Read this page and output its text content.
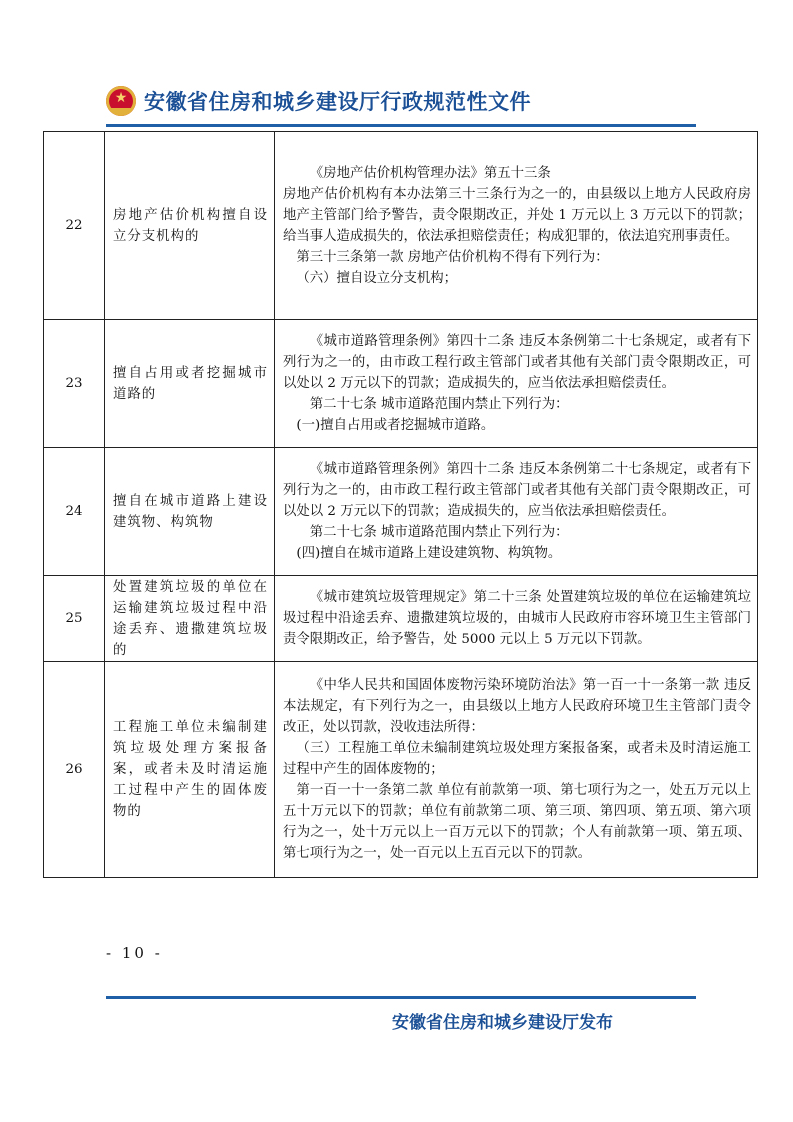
★
安徽省住房和城乡建设厅行政规范性文件
22	房地产估价机构擅自设立分支机构的	《房地产估价机构管理办法》第五十三条

房地产估价机构有本办法第三十三条行为之一的，由县级以上地方人民政府房地产主管部门给予警告，责令限期改正，并处 1 万元以上 3 万元以下的罚款；给当事人造成损失的，依法承担赔偿责任；构成犯罪的，依法追究刑事责任。

第三十三条第一款 房地产估价机构不得有下列行为：

（六）擅自设立分支机构；

23	擅自占用或者挖掘城市道路的	《城市道路管理条例》第四十二条 违反本条例第二十七条规定，或者有下列行为之一的，由市政工程行政主管部门或者其他有关部门责令限期改正，可以处以 2 万元以下的罚款；造成损失的，应当依法承担赔偿责任。

第二十七条 城市道路范围内禁止下列行为：

(一)擅自占用或者挖掘城市道路。

24	擅自在城市道路上建设建筑物、构筑物	《城市道路管理条例》第四十二条 违反本条例第二十七条规定，或者有下列行为之一的，由市政工程行政主管部门或者其他有关部门责令限期改正，可以处以 2 万元以下的罚款；造成损失的，应当依法承担赔偿责任。

第二十七条 城市道路范围内禁止下列行为：

(四)擅自在城市道路上建设建筑物、构筑物。

25	处置建筑垃圾的单位在运输建筑垃圾过程中沿途丢弃、遗撒建筑垃圾的	《城市建筑垃圾管理规定》第二十三条 处置建筑垃圾的单位在运输建筑垃圾过程中沿途丢弃、遗撒建筑垃圾的，由城市人民政府市容环境卫生主管部门责令限期改正，给予警告，处 5000 元以上 5 万元以下罚款。

26	工程施工单位未编制建筑垃圾处理方案报备案，或者未及时清运施工过程中产生的固体废物的	《中华人民共和国固体废物污染环境防治法》第一百一十一条第一款 违反本法规定，有下列行为之一，由县级以上地方人民政府环境卫生主管部门责令改正，处以罚款，没收违法所得：

（三）工程施工单位未编制建筑垃圾处理方案报备案，或者未及时清运施工过程中产生的固体废物的；

第一百一十一条第二款 单位有前款第一项、第七项行为之一，处五万元以上五十万元以下的罚款；单位有前款第二项、第三项、第四项、第五项、第六项行为之一，处十万元以上一百万元以下的罚款；个人有前款第一项、第五项、第七项行为之一，处一百元以上五百元以下的罚款。

- 10 -
安徽省住房和城乡建设厅发布
